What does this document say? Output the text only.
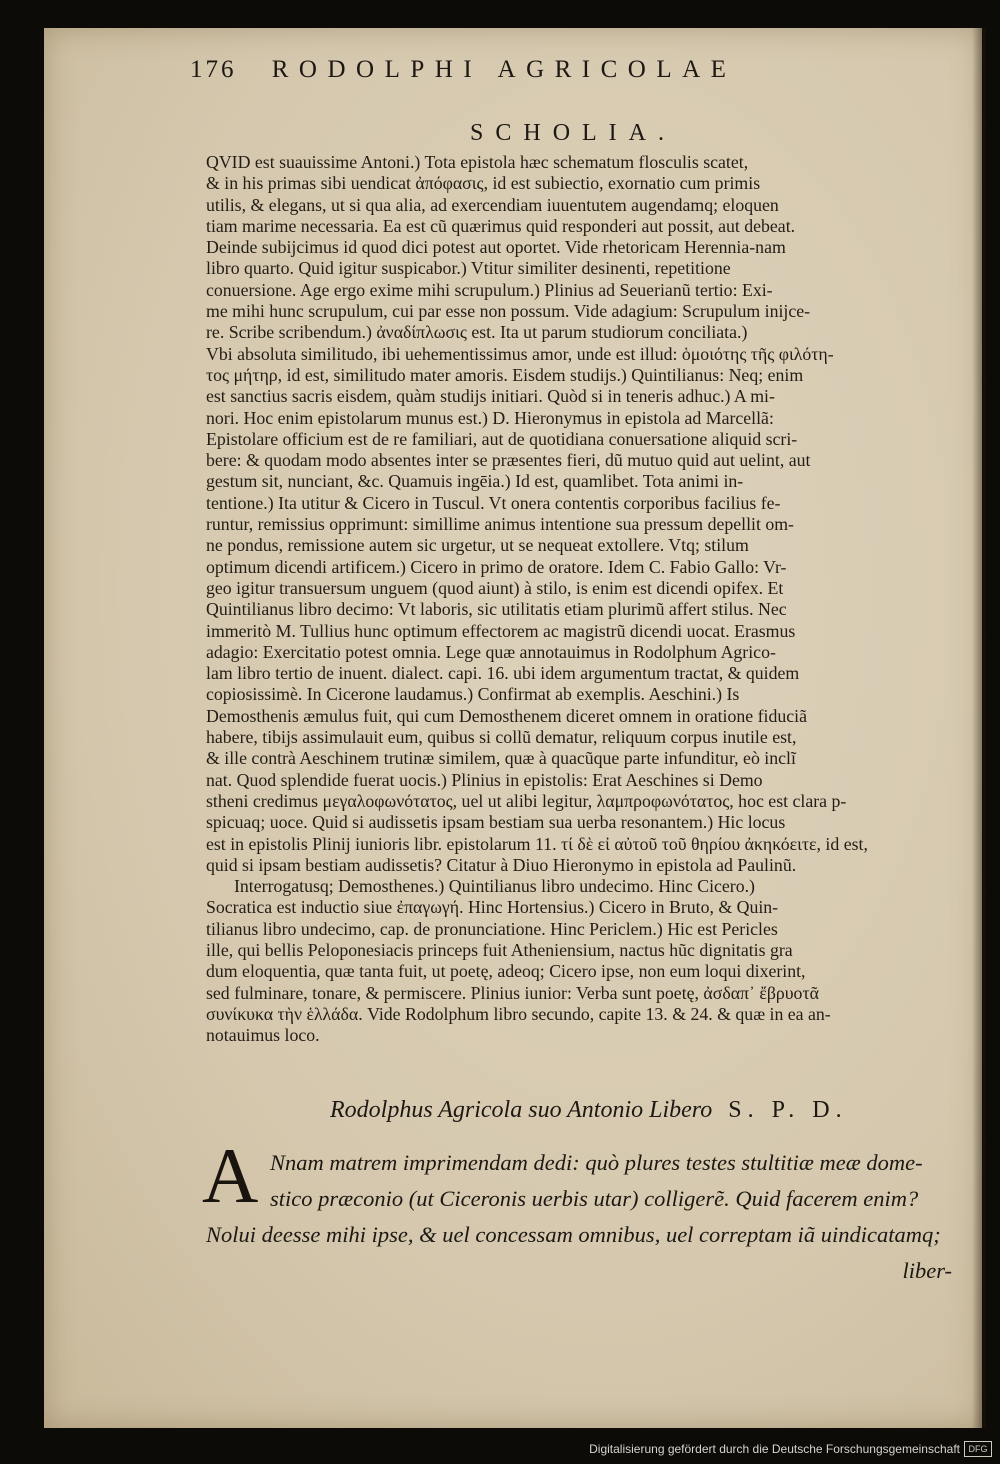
176 RODOLPHI AGRICOLAE
SCHOLIA.
QVID est suauissime Antoni.) Tota epistola hæc schematum flosculis scatet,
& in his primas sibi uendicat ἀπόφασις, id est subiectio, exornatio cum primis
utilis, & elegans, ut si qua alia, ad exercendiam iuuentutem augendamq; eloquen
tiam marime necessaria. Ea est cũ quærimus quid responderi aut possit, aut debeat.
Deinde subijcimus id quod dici potest aut oportet. Vide rhetoricam Herennia-nam
libro quarto. Quid igitur suspicabor.) Vtitur similiter desinenti, repetitione
conuersione. Age ergo exime mihi scrupulum.) Plinius ad Seuerianũ tertio: Exi-
me mihi hunc scrupulum, cui par esse non possum. Vide adagium: Scrupulum inijce-
re. Scribe scribendum.) ἀναδίπλωσις est. Ita ut parum studiorum conciliata.)
Vbi absoluta similitudo, ibi uehementissimus amor, unde est illud: ὁμοιότης τῆς φιλότη-
τος μήτηρ, id est, similitudo mater amoris. Eisdem studijs.) Quintilianus: Neq; enim
est sanctius sacris eisdem, quàm studijs initiari. Quòd si in teneris adhuc.) A mi-
nori. Hoc enim epistolarum munus est.) D. Hieronymus in epistola ad Marcellã:
Epistolare officium est de re familiari, aut de quotidiana conuersatione aliquid scri-
bere: & quodam modo absentes inter se præsentes fieri, dũ mutuo quid aut uelint, aut
gestum sit, nunciant, &c. Quamuis ingēia.) Id est, quamlibet. Tota animi in-
tentione.) Ita utitur & Cicero in Tuscul. Vt onera contentis corporibus facilius fe-
runtur, remissius opprimunt: simillime animus intentione sua pressum depellit om-
ne pondus, remissione autem sic urgetur, ut se nequeat extollere. Vtq; stilum
optimum dicendi artificem.) Cicero in primo de oratore. Idem C. Fabio Gallo: Vr-
geo igitur transuersum unguem (quod aiunt) à stilo, is enim est dicendi opifex. Et
Quintilianus libro decimo: Vt laboris, sic utilitatis etiam plurimũ affert stilus. Nec
immeritò M. Tullius hunc optimum effectorem ac magistrũ dicendi uocat. Erasmus
adagio: Exercitatio potest omnia. Lege quæ annotauimus in Rodolphum Agrico-
lam libro tertio de inuent. dialect. capi. 16. ubi idem argumentum tractat, & quidem
copiosissimè. In Cicerone laudamus.) Confirmat ab exemplis. Aeschini.) Is
Demosthenis æmulus fuit, qui cum Demosthenem diceret omnem in oratione fiduciã
habere, tibijs assimulauit eum, quibus si collũ dematur, reliquum corpus inutile est,
& ille contrà Aeschinem trutinæ similem, quæ à quacũque parte infunditur, eò inclĩ
nat. Quod splendide fuerat uocis.) Plinius in epistolis: Erat Aeschines si Demo
stheni credimus μεγαλοφωνότατος, uel ut alibi legitur, λαμπροφωνότατος, hoc est clara p-
spicuaq; uoce. Quid si audissetis ipsam bestiam sua uerba resonantem.) Hic locus
est in epistolis Plinij iunioris libr. epistolarum 11. τί δὲ εἰ αὐτοῦ τοῦ θηρίου ἀκηκόειτε, id est,
quid si ipsam bestiam audissetis? Citatur à Diuo Hieronymo in epistola ad Paulinũ.
Interrogatusq; Demosthenes.) Quintilianus libro undecimo. Hinc Cicero.)
Socratica est inductio siue ἐπαγωγή. Hinc Hortensius.) Cicero in Bruto, & Quin-
tilianus libro undecimo, cap. de pronunciatione. Hinc Periclem.) Hic est Pericles
ille, qui bellis Peloponesiacis princeps fuit Atheniensium, nactus hũc dignitatis gra
dum eloquentia, quæ tanta fuit, ut poetę, adeoq; Cicero ipse, non eum loqui dixerint,
sed fulminare, tonare, & permiscere. Plinius iunior: Verba sunt poetę, ἀσδαπ᾽ ἔβρυοτᾶ
συνίκυκα τὴν ἑλλάδα. Vide Rodolphum libro secundo, capite 13. & 24. & quæ in ea an-
notauimus loco.
Rodolphus Agricola suo Antonio Libero S. P. D.
A Nnam matrem imprimendam dedi: quò plures testes stultitiæ meæ dome-
stico præconio (ut Ciceronis uerbis utar) colligerẽ. Quid facerem enim?
Nolui deesse mihi ipse, & uel concessam omnibus, uel correptam iã uindicatamq;
liber-
Digitalisierung gefördert durch die Deutsche Forschungsgemeinschaft DFG
